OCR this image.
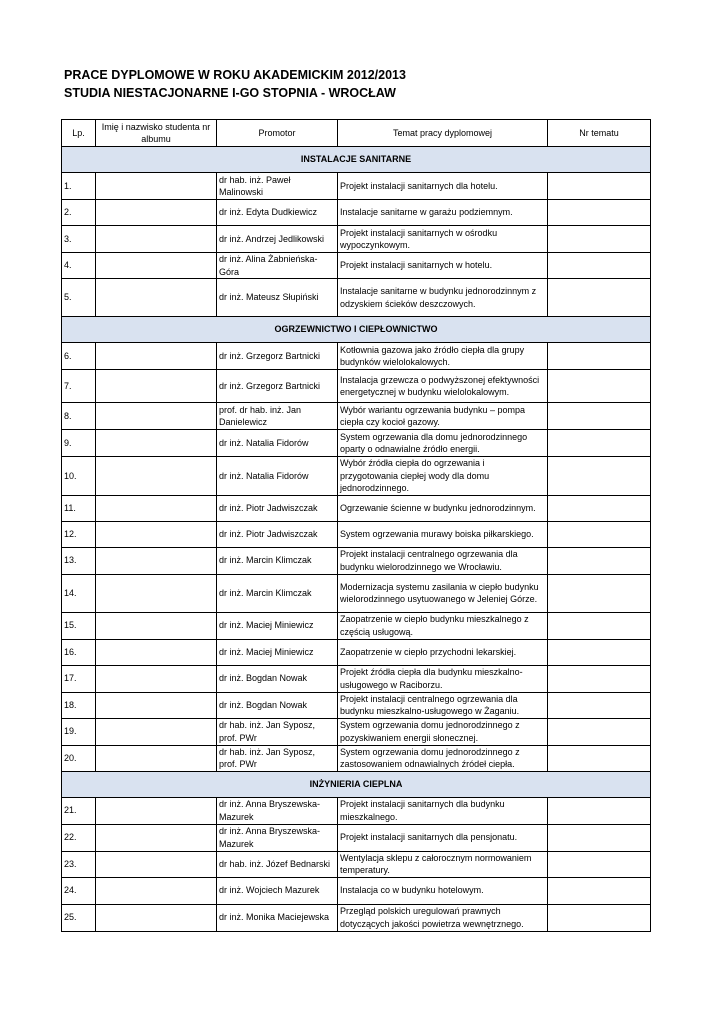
PRACE DYPLOMOWE W ROKU AKADEMICKIM 2012/2013
STUDIA NIESTACJONARNE I-GO STOPNIA - WROCŁAW
Lp.	Imię i nazwisko studenta nr albumu	Promotor	Temat pracy dyplomowej	Nr tematu
INSTALACJE SANITARNE				
1.		dr hab. inż. Paweł Malinowski	Projekt instalacji sanitarnych dla hotelu.	
2.		dr inż. Edyta Dudkiewicz	Instalacje sanitarne w garażu podziemnym.	
3.		dr inż. Andrzej Jedlikowski	Projekt instalacji sanitarnych w ośrodku wypoczynkowym.	
4.		dr inż. Alina Żabnieńska-Góra	Projekt instalacji sanitarnych w hotelu.	
5.		dr inż. Mateusz Słupiński	Instalacje sanitarne w budynku jednorodzinnym z odzyskiem ścieków deszczowych.	
OGRZEWNICTWO I CIEPŁOWNICTWO				
6.		dr inż. Grzegorz Bartnicki	Kotłownia gazowa jako źródło ciepła dla grupy budynków wielolokalowych.	
7.		dr inż. Grzegorz Bartnicki	Instalacja grzewcza o podwyższonej efektywności energetycznej w budynku wielolokalowym.	
8.		prof. dr hab. inż. Jan Danielewicz	Wybór wariantu ogrzewania budynku – pompa ciepła czy kocioł gazowy.	
9.		dr inż. Natalia Fidorów	System ogrzewania dla domu jednorodzinnego oparty o odnawialne źródło energii.	
10.		dr inż. Natalia Fidorów	Wybór źródła ciepła do ogrzewania i przygotowania ciepłej wody dla domu jednorodzinnego.	
11.		dr inż. Piotr Jadwiszczak	Ogrzewanie ścienne w budynku jednorodzinnym.	
12.		dr inż. Piotr Jadwiszczak	System ogrzewania murawy boiska piłkarskiego.	
13.		dr inż. Marcin Klimczak	Projekt instalacji centralnego ogrzewania dla budynku wielorodzinnego we Wrocławiu.	
14.		dr inż. Marcin Klimczak	Modernizacja systemu zasilania w ciepło budynku wielorodzinnego usytuowanego w Jeleniej Górze.	
15.		dr inż. Maciej Miniewicz	Zaopatrzenie w ciepło budynku mieszkalnego z częścią usługową.	
16.		dr inż. Maciej Miniewicz	Zaopatrzenie w ciepło przychodni lekarskiej.	
17.		dr inż. Bogdan Nowak	Projekt źródła ciepła dla budynku mieszkalno-usługowego w Raciborzu.	
18.		dr inż. Bogdan Nowak	Projekt instalacji centralnego ogrzewania dla budynku mieszkalno-usługowego w Żaganiu.	
19.		dr hab. inż. Jan Syposz, prof. PWr	System ogrzewania domu jednorodzinnego z pozyskiwaniem energii słonecznej.	
20.		dr hab. inż. Jan Syposz, prof. PWr	System ogrzewania domu jednorodzinnego z zastosowaniem odnawialnych źródeł ciepła.	
INŻYNIERIA CIEPLNA				
21.		dr inż. Anna Bryszewska-Mazurek	Projekt instalacji sanitarnych dla budynku mieszkalnego.	
22.		dr inż. Anna Bryszewska-Mazurek	Projekt instalacji sanitarnych dla pensjonatu.	
23.		dr hab. inż. Józef Bednarski	Wentylacja sklepu z całorocznym normowaniem temperatury.	
24.		dr inż. Wojciech Mazurek	Instalacja co w budynku hotelowym.	
25.		dr inż. Monika Maciejewska	Przegląd polskich uregulowań prawnych dotyczących jakości powietrza wewnętrznego.	
